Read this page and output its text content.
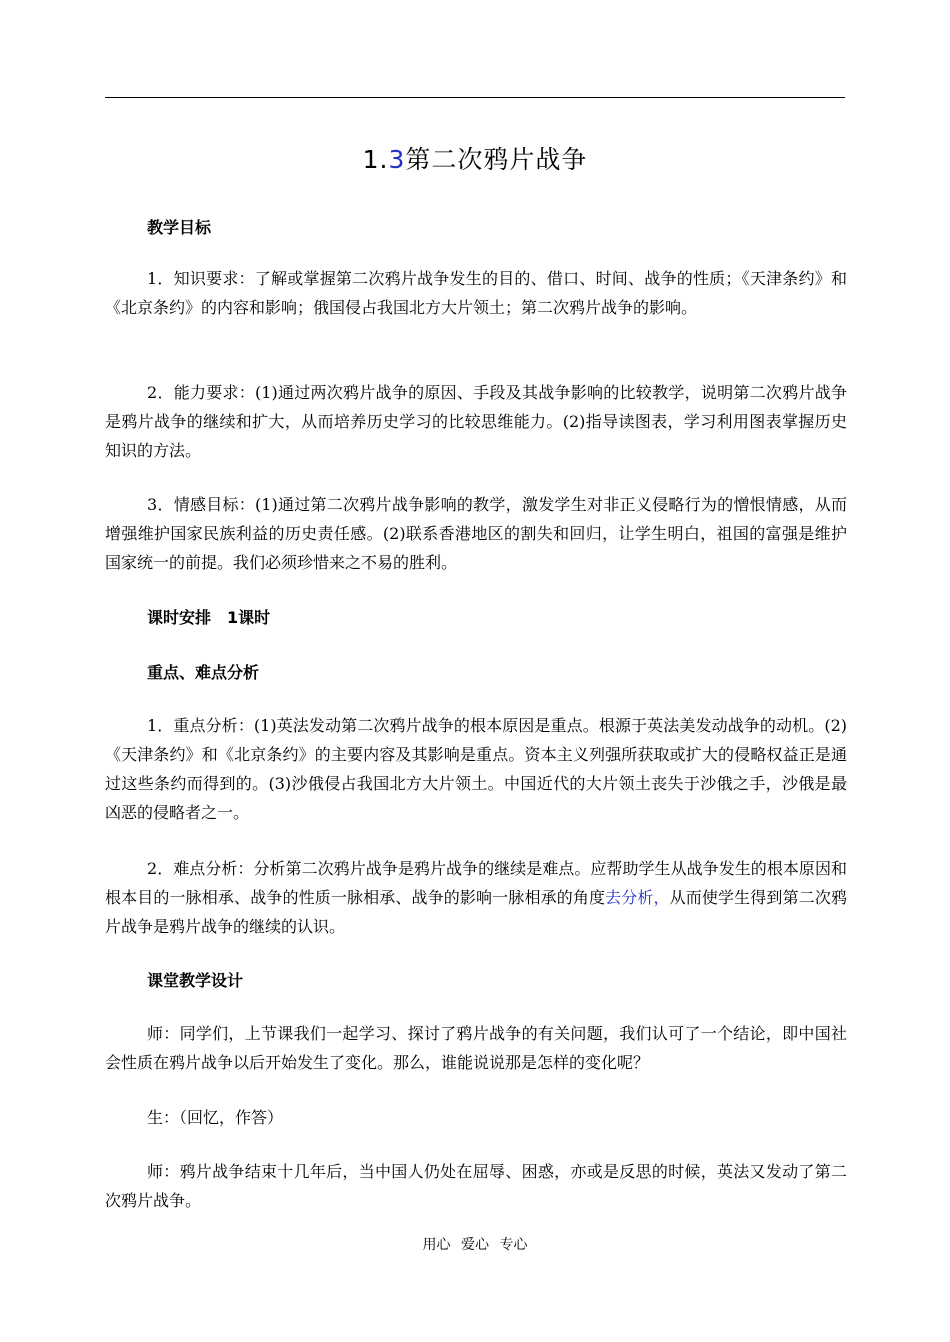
1.3第二次鸦片战争
教学目标

1．知识要求：了解或掌握第二次鸦片战争发生的目的、借口、时间、战争的性质；《天津条约》和《北京条约》的内容和影响；俄国侵占我国北方大片领土；第二次鸦片战争的影响。

2．能力要求：(1)通过两次鸦片战争的原因、手段及其战争影响的比较教学，说明第二次鸦片战争是鸦片战争的继续和扩大，从而培养历史学习的比较思维能力。(2)指导读图表，学习利用图表掌握历史知识的方法。

3．情感目标：(1)通过第二次鸦片战争影响的教学，激发学生对非正义侵略行为的憎恨情感，从而增强维护国家民族利益的历史责任感。(2)联系香港地区的割失和回归，让学生明白，祖国的富强是维护国家统一的前提。我们必须珍惜来之不易的胜利。

课时安排　1课时
重点、难点分析

1．重点分析：(1)英法发动第二次鸦片战争的根本原因是重点。根源于英法美发动战争的动机。(2)《天津条约》和《北京条约》的主要内容及其影响是重点。资本主义列强所获取或扩大的侵略权益正是通过这些条约而得到的。(3)沙俄侵占我国北方大片领土。中国近代的大片领土丧失于沙俄之手，沙俄是最凶恶的侵略者之一。

2．难点分析：分析第二次鸦片战争是鸦片战争的继续是难点。应帮助学生从战争发生的根本原因和根本目的一脉相承、战争的性质一脉相承、战争的影响一脉相承的角度去分析，从而使学生得到第二次鸦片战争是鸦片战争的继续的认识。

课堂教学设计

师：同学们，上节课我们一起学习、探讨了鸦片战争的有关问题，我们认可了一个结论，即中国社会性质在鸦片战争以后开始发生了变化。那么，谁能说说那是怎样的变化呢？

生：（回忆，作答）

师：鸦片战争结束十几年后，当中国人仍处在屈辱、困惑，亦或是反思的时候，英法又发动了第二次鸦片战争。

用心 爱心 专心
